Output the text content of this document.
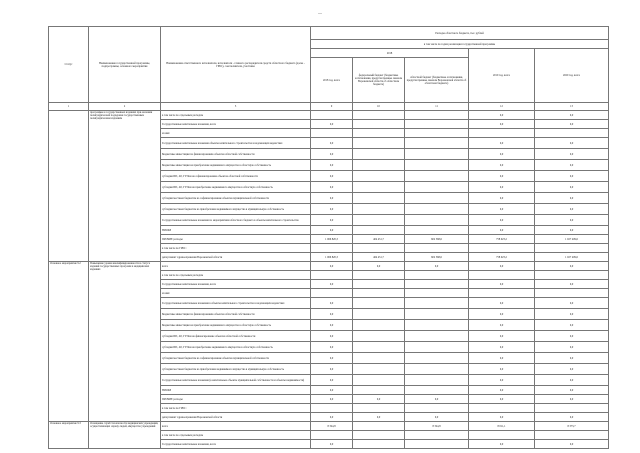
—
Статус	Наименование государственной программы, подпрограммы, основного мероприятия	Наименование ответственного исполнителя, исполнителя - главного распорядителя средств областного бюджета (далее - ГРБС), соисполнителя, участника	Расходы областного бюджета, тыс. рублей				
			в том числе по годам реализации государственной программы				
			2018			2019 год, всего	2020 год, всего
			2018 год, всего	федеральный бюджет (бюджетные ассигнования, предусмотренные законом Воронежской области об областном бюджете)	областной бюджет (бюджетные ассигнования, предусмотренные законом Воронежской области об областном бюджете)		
1	2	3	9	10	11	12	13
	программы в государственных изданиях при оказании полиграфической поддержки государственным полиграфическим изданиям	в том числе по отдельным расходам				0,0	0,0
		Государственные капитальные вложения, всего	0,0			0,0	0,0
		из них:					
		Государственные капитальные вложения объекты капитального строительства в надлежащих ведомствах	0,0			0,0	0,0
		Бюджетные инвестиции по финансированию объектов областной собственности	0,0			0,0	0,0
		Бюджетные инвестиции на приобретение недвижимого имущества в областную собственность	0,0			0,0	0,0
		субсидии ИП, АУ, ГУПам на софинансирование объектов областной собственности	0,0			0,0	0,0
		субсидии ИП, АУ, ГУПам на приобретение недвижимого имущества в областную собственность	0,0			0,0	0,0
		субсидии местным бюджетам на софинансирование объектов муниципальной собственности	0,0			0,0	0,0
		субсидии местным бюджетам на приобретение недвижимого имущества в муниципальную собственность	0,0			0,0	0,0
		Государственные капитальные вложения по мероприятиям областного бюджета в объекты капитального строительства	0,0			0,0	0,0
		НИОКР	0,0			0,0	0,0
		ПРОЧИЕ расходы	1 066 820,3	404 451,7	602 368,6	758 023,2	1 027 409,6
		в том числе по ГРБС:					
		департамент здравоохранения Воронежской области	1 066 820,3	464 451,7	602 368,6	758 023,2	1 027 409,6
Основное мероприятие 9.2	Повышение уровня квалифицированности и статуса изданий государственных программ в медицинских изданиях	всего	0,0	0,0	0,0	0,0	0,0
		в том числе по отдельным расходам					
		Государственные капитальные вложения, всего	0,0			0,0	0,0
		из них:					
		Государственные капитальные вложения в объекты капитального строительства в надлежащих ведомствах	0,0			0,0	0,0
		Бюджетные инвестиции по финансированию объектов областной собственности	0,0			0,0	0,0
		Бюджетные инвестиции на приобретение недвижимого имущества в областную собственность	0,0			0,0	0,0
		субсидии ИП, АУ, ГУПам на финансирование объектов областной собственности	0,0			0,0	0,0
		субсидии ИП, АУ, ГУПам на приобретение недвижимого имущества в областную собственность	0,0			0,0	0,0
		субсидии местным бюджетам на софинансирование объектов муниципальной собственности	0,0			0,0	0,0
		субсидии местным бюджетам на приобретение недвижимого имущества в муниципальную собственность	0,0			0,0	0,0
		Государственные капитальные вложения (в капитальные объекты муниципальной собственности и объекты недвижимости)	0,0			0,0	0,0
		НИОКР	0,0			0,0	0,0
		ПРОЧИЕ расходы	0,0	0,0	0,0	0,0	0,0
		в том числе по ГРБС:					
		департамент здравоохранения Воронежской области	0,0	0,0	0,0	0,0	0,0
Основное мероприятие 9.3	Оснащение служб безопасности медицинских учреждений, осуществляющих охрану людей, имущества учреждений	всего	8 324,8		8 324,8	8 011,1	8 373,7
		в том числе по отдельным расходам					
		Государственные капитальные вложения, всего	0,0			0,0	0,0
